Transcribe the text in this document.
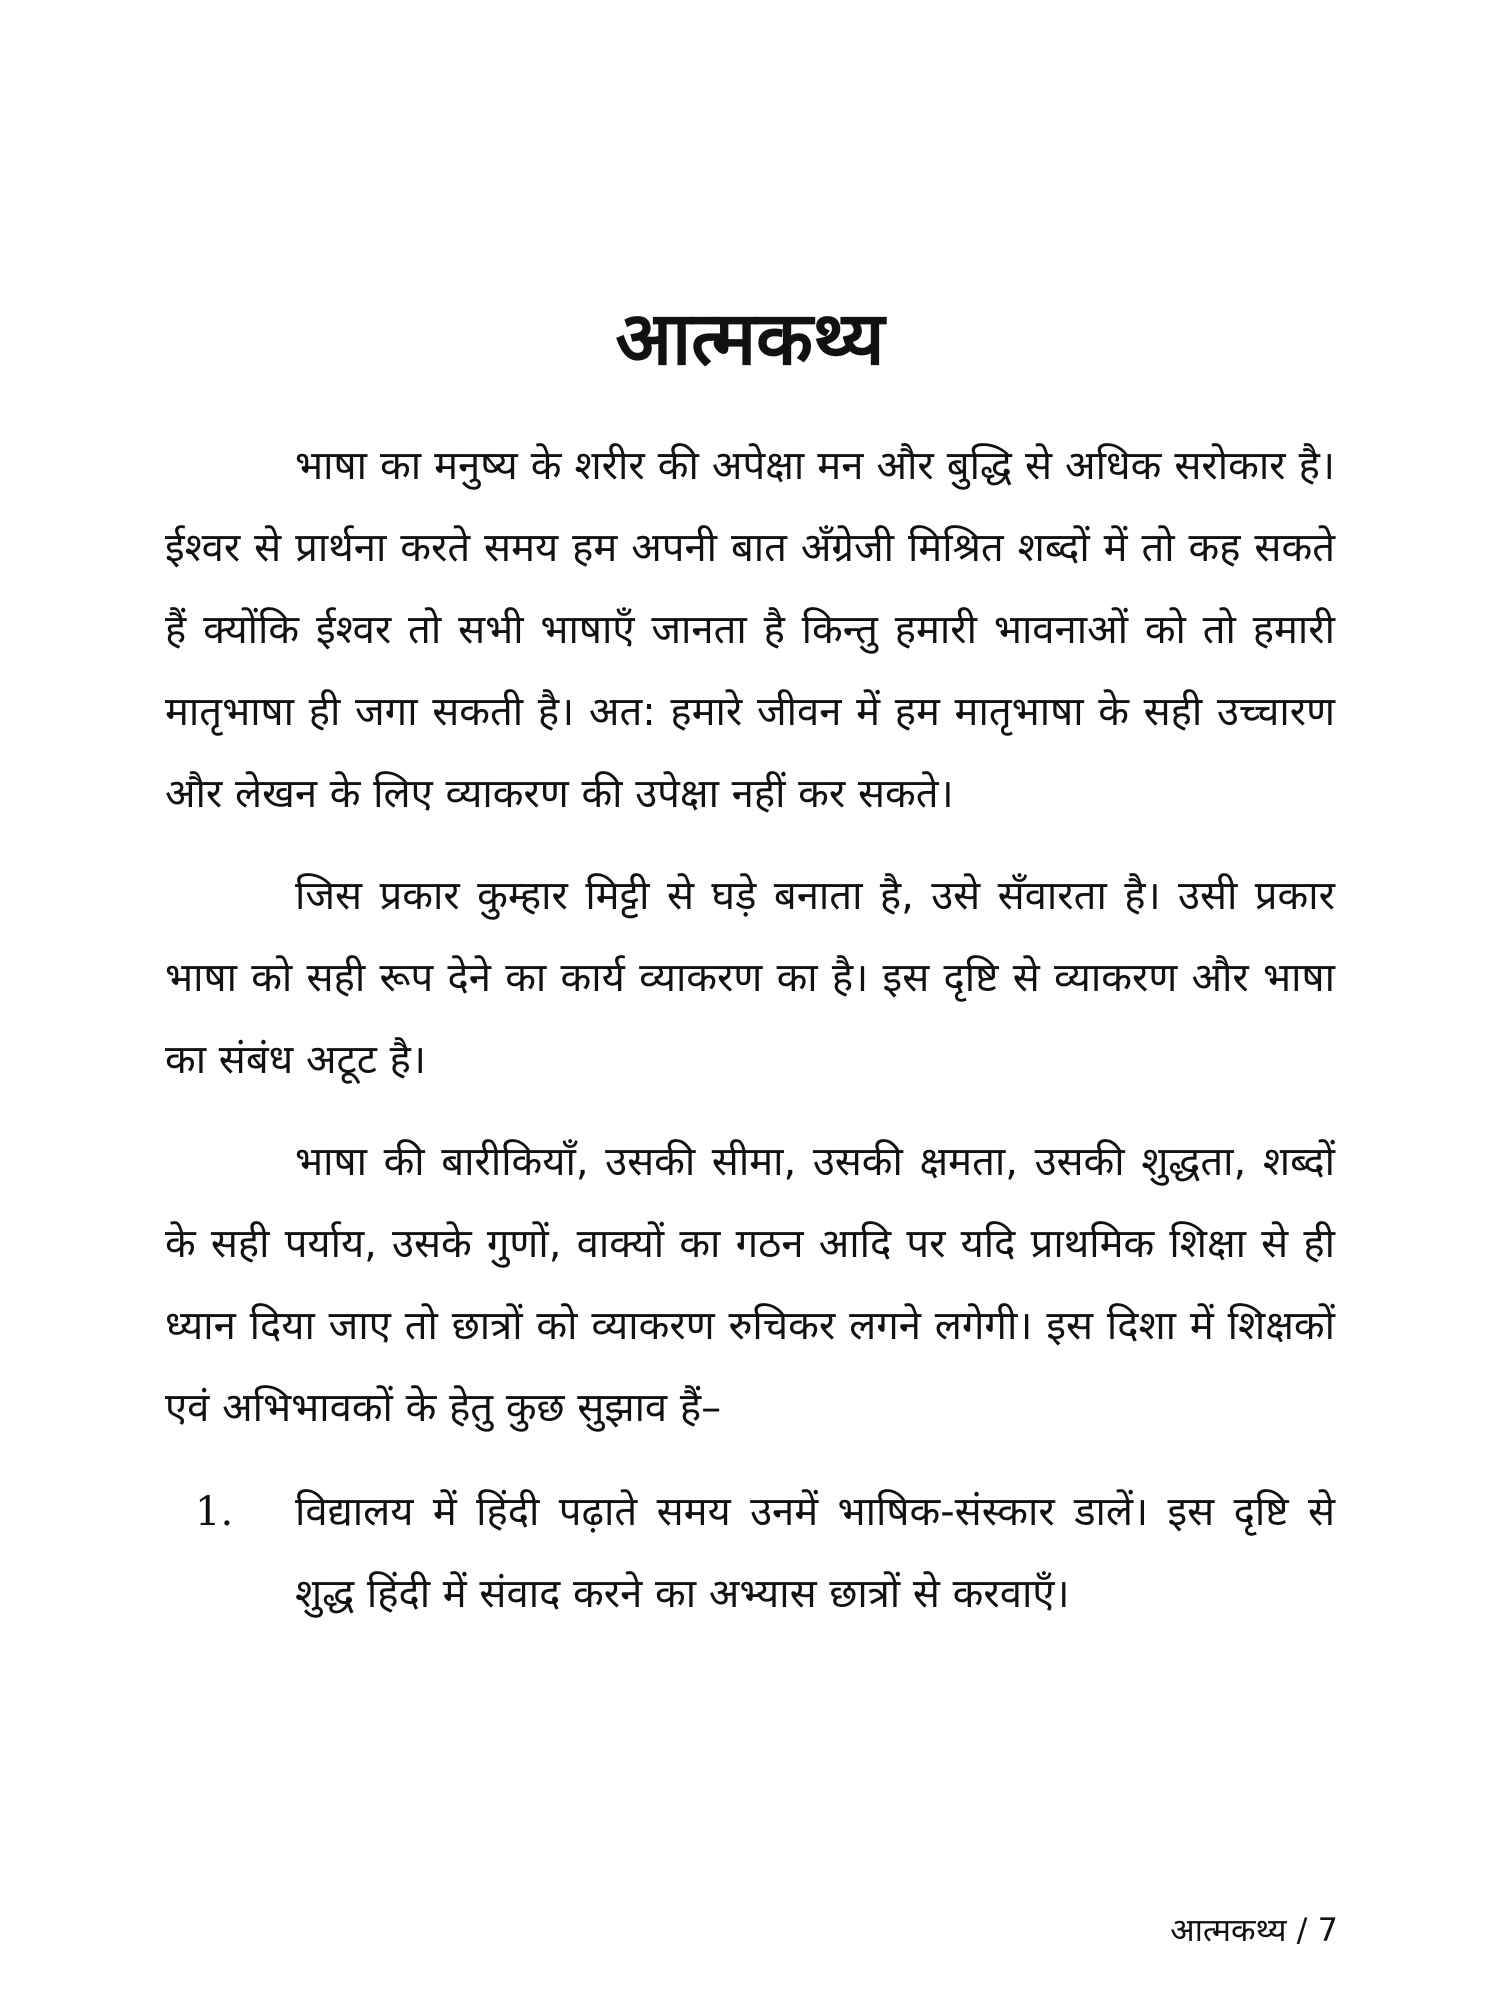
आत्मकथ्य

भाषा का मनुष्य के शरीर की अपेक्षा मन और बुद्धि से अधिक सरोकार है। ईश्वर से प्रार्थना करते समय हम अपनी बात अँग्रेजी मिश्रित शब्दों में तो कह सकते हैं क्योंकि ईश्वर तो सभी भाषाएँ जानता है किन्तु हमारी भावनाओं को तो हमारी मातृभाषा ही जगा सकती है। अत: हमारे जीवन में हम मातृभाषा के सही उच्चारण और लेखन के लिए व्याकरण की उपेक्षा नहीं कर सकते।

जिस प्रकार कुम्हार मिट्टी से घड़े बनाता है, उसे सँवारता है। उसी प्रकार भाषा को सही रूप देने का कार्य व्याकरण का है। इस दृष्टि से व्याकरण और भाषा का संबंध अटूट है।

भाषा की बारीकियाँ, उसकी सीमा, उसकी क्षमता, उसकी शुद्धता, शब्दों के सही पर्याय, उसके गुणों, वाक्यों का गठन आदि पर यदि प्राथमिक शिक्षा से ही ध्यान दिया जाए तो छात्रों को व्याकरण रुचिकर लगने लगेगी। इस दिशा में शिक्षकों एवं अभिभावकों के हेतु कुछ सुझाव हैं–

1.	विद्यालय में हिंदी पढ़ाते समय उनमें भाषिक-संस्कार डालें। इस दृष्टि से शुद्ध हिंदी में संवाद करने का अभ्यास छात्रों से करवाएँ।
आत्मकथ्य / 7
